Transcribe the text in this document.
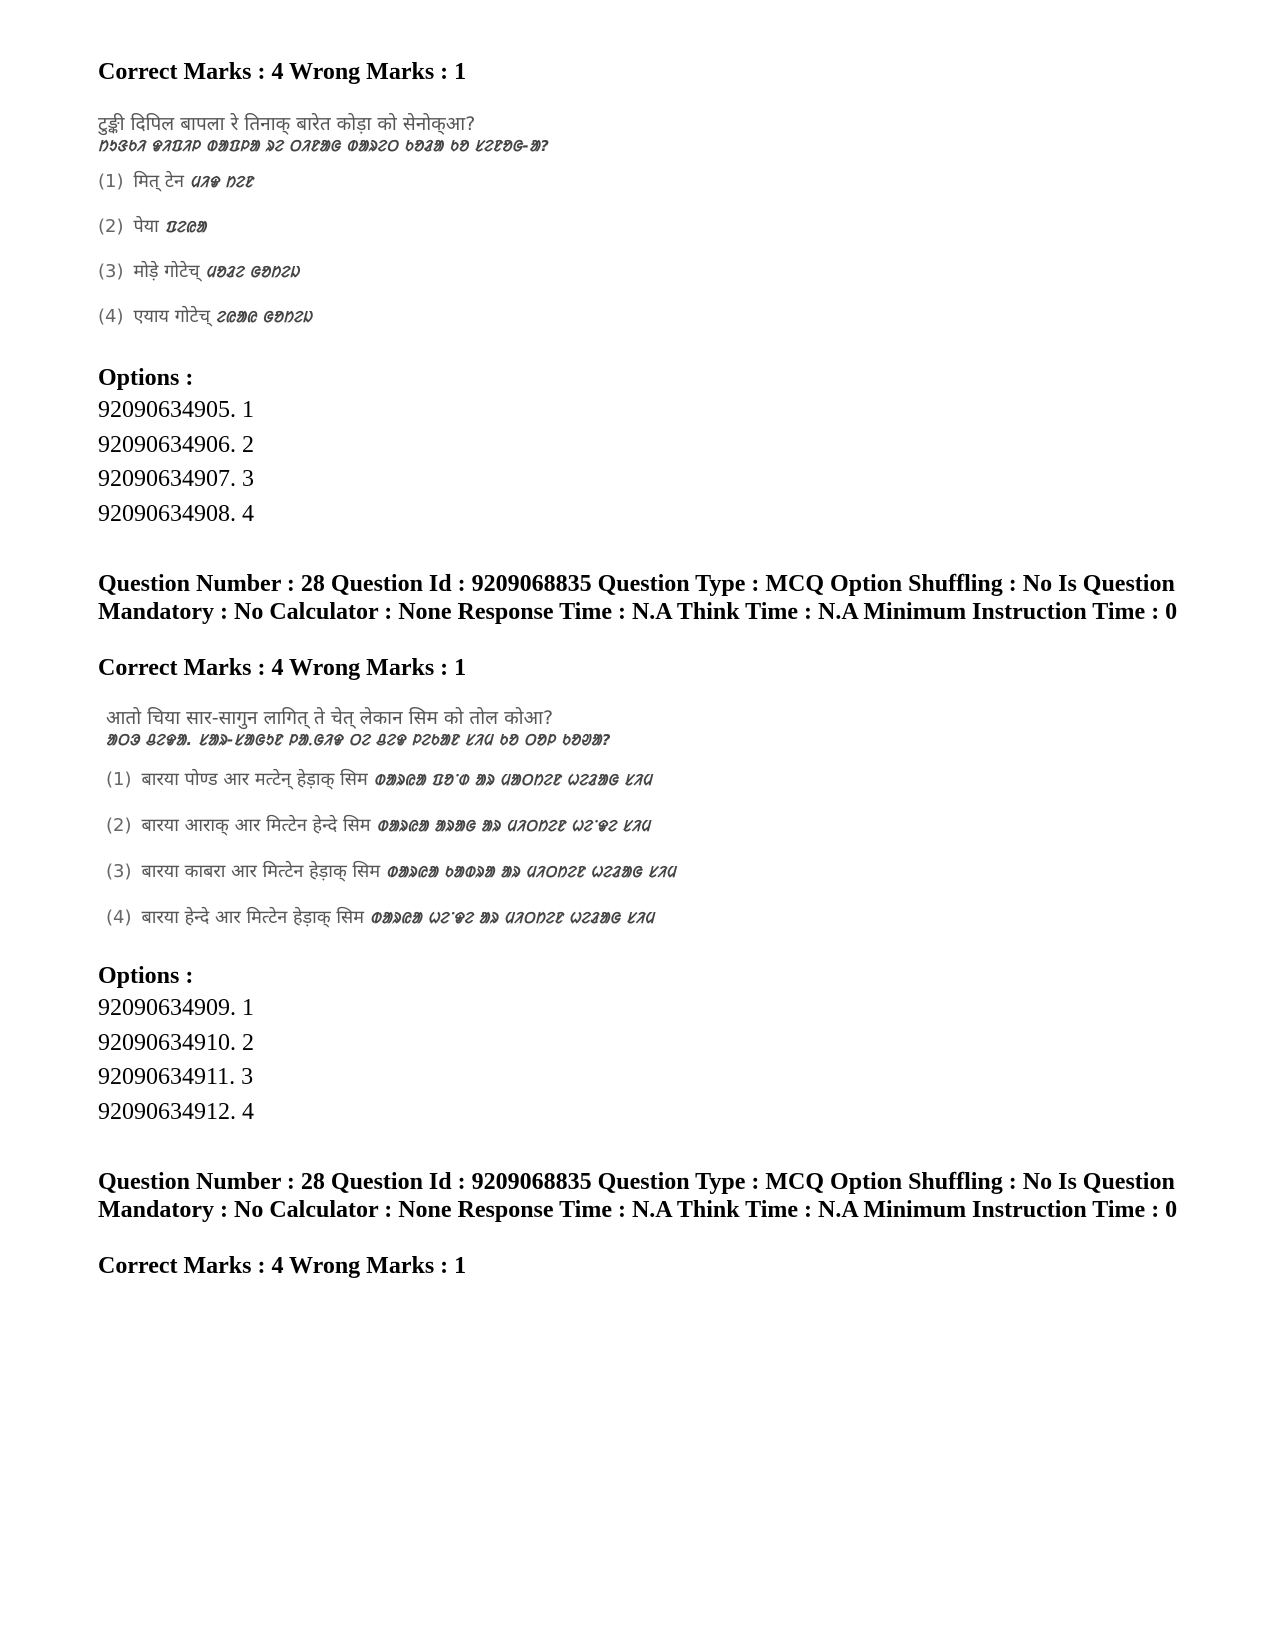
Correct Marks : 4 Wrong Marks : 1
टुङ्की दिपिल बापला रे तिनाक् बारेत कोड़ा को सेनोक्आ?
ᱴᱩᱝᱠᱤ ᱫᱤᱯᱤᱞ ᱵᱟᱯᱞᱟ ᱨᱮ ᱛᱤᱱᱟᱜ ᱵᱟᱨᱮᱛ ᱠᱚᱲᱟ ᱠᱚ ᱥᱮᱱᱚᱜ-ᱟ?
(1) मित् टेन ᱢᱤᱫ ᱴᱮᱱ
(2) पेया ᱯᱮᱭᱟ
(3) मोड़े गोटेच् ᱢᱚᱲᱮ ᱜᱚᱴᱮᱡ
(4) एयाय गोटेच् ᱮᱭᱟᱭ ᱜᱚᱴᱮᱡ
Options :
92090634905. 1
92090634906. 2
92090634907. 3
92090634908. 4
Question Number : 28 Question Id : 9209068835 Question Type : MCQ Option Shuffling : No Is Question Mandatory : No Calculator : None Response Time : N.A Think Time : N.A Minimum Instruction Time : 0
Correct Marks : 4 Wrong Marks : 1
आतो चिया सार-सागुन लागित् ते चेत् लेकान सिम को तोल कोआ?
ᱟᱛᱳ ᱪᱮᱫᱟ. ᱥᱟᱨ-ᱥᱟᱜᱩᱱ ᱞᱟᱹᱜᱤᱫ ᱛᱮ ᱪᱮᱫ ᱞᱮᱠᱟᱱ ᱥᱤᱢ ᱠᱚ ᱛᱚᱞ ᱠᱚᱣᱟ?
(1) बारया पोण्ड आर मत्टेन् हेड़ाक् सिम ᱵᱟᱨᱭᱟ ᱯᱚᱸᱰ ᱟᱨ ᱢᱟᱛᱴᱮᱱ ᱦᱮᱲᱟᱜ ᱥᱤᱢ
(2) बारया आराक् आर मित्टेन हेन्दे सिम ᱵᱟᱨᱭᱟ ᱟᱨᱟᱜ ᱟᱨ ᱢᱤᱛᱴᱮᱱ ᱦᱮᱸᱫᱮ ᱥᱤᱢ
(3) बारया काबरा आर मित्टेन हेड़ाक् सिम ᱵᱟᱨᱭᱟ ᱠᱟᱵᱨᱟ ᱟᱨ ᱢᱤᱛᱴᱮᱱ ᱦᱮᱲᱟᱜ ᱥᱤᱢ
(4) बारया हेन्दे आर मित्टेन हेड़ाक् सिम ᱵᱟᱨᱭᱟ ᱦᱮᱸᱫᱮ ᱟᱨ ᱢᱤᱛᱴᱮᱱ ᱦᱮᱲᱟᱜ ᱥᱤᱢ
Options :
92090634909. 1
92090634910. 2
92090634911. 3
92090634912. 4
Question Number : 28 Question Id : 9209068835 Question Type : MCQ Option Shuffling : No Is Question Mandatory : No Calculator : None Response Time : N.A Think Time : N.A Minimum Instruction Time : 0
Correct Marks : 4 Wrong Marks : 1
